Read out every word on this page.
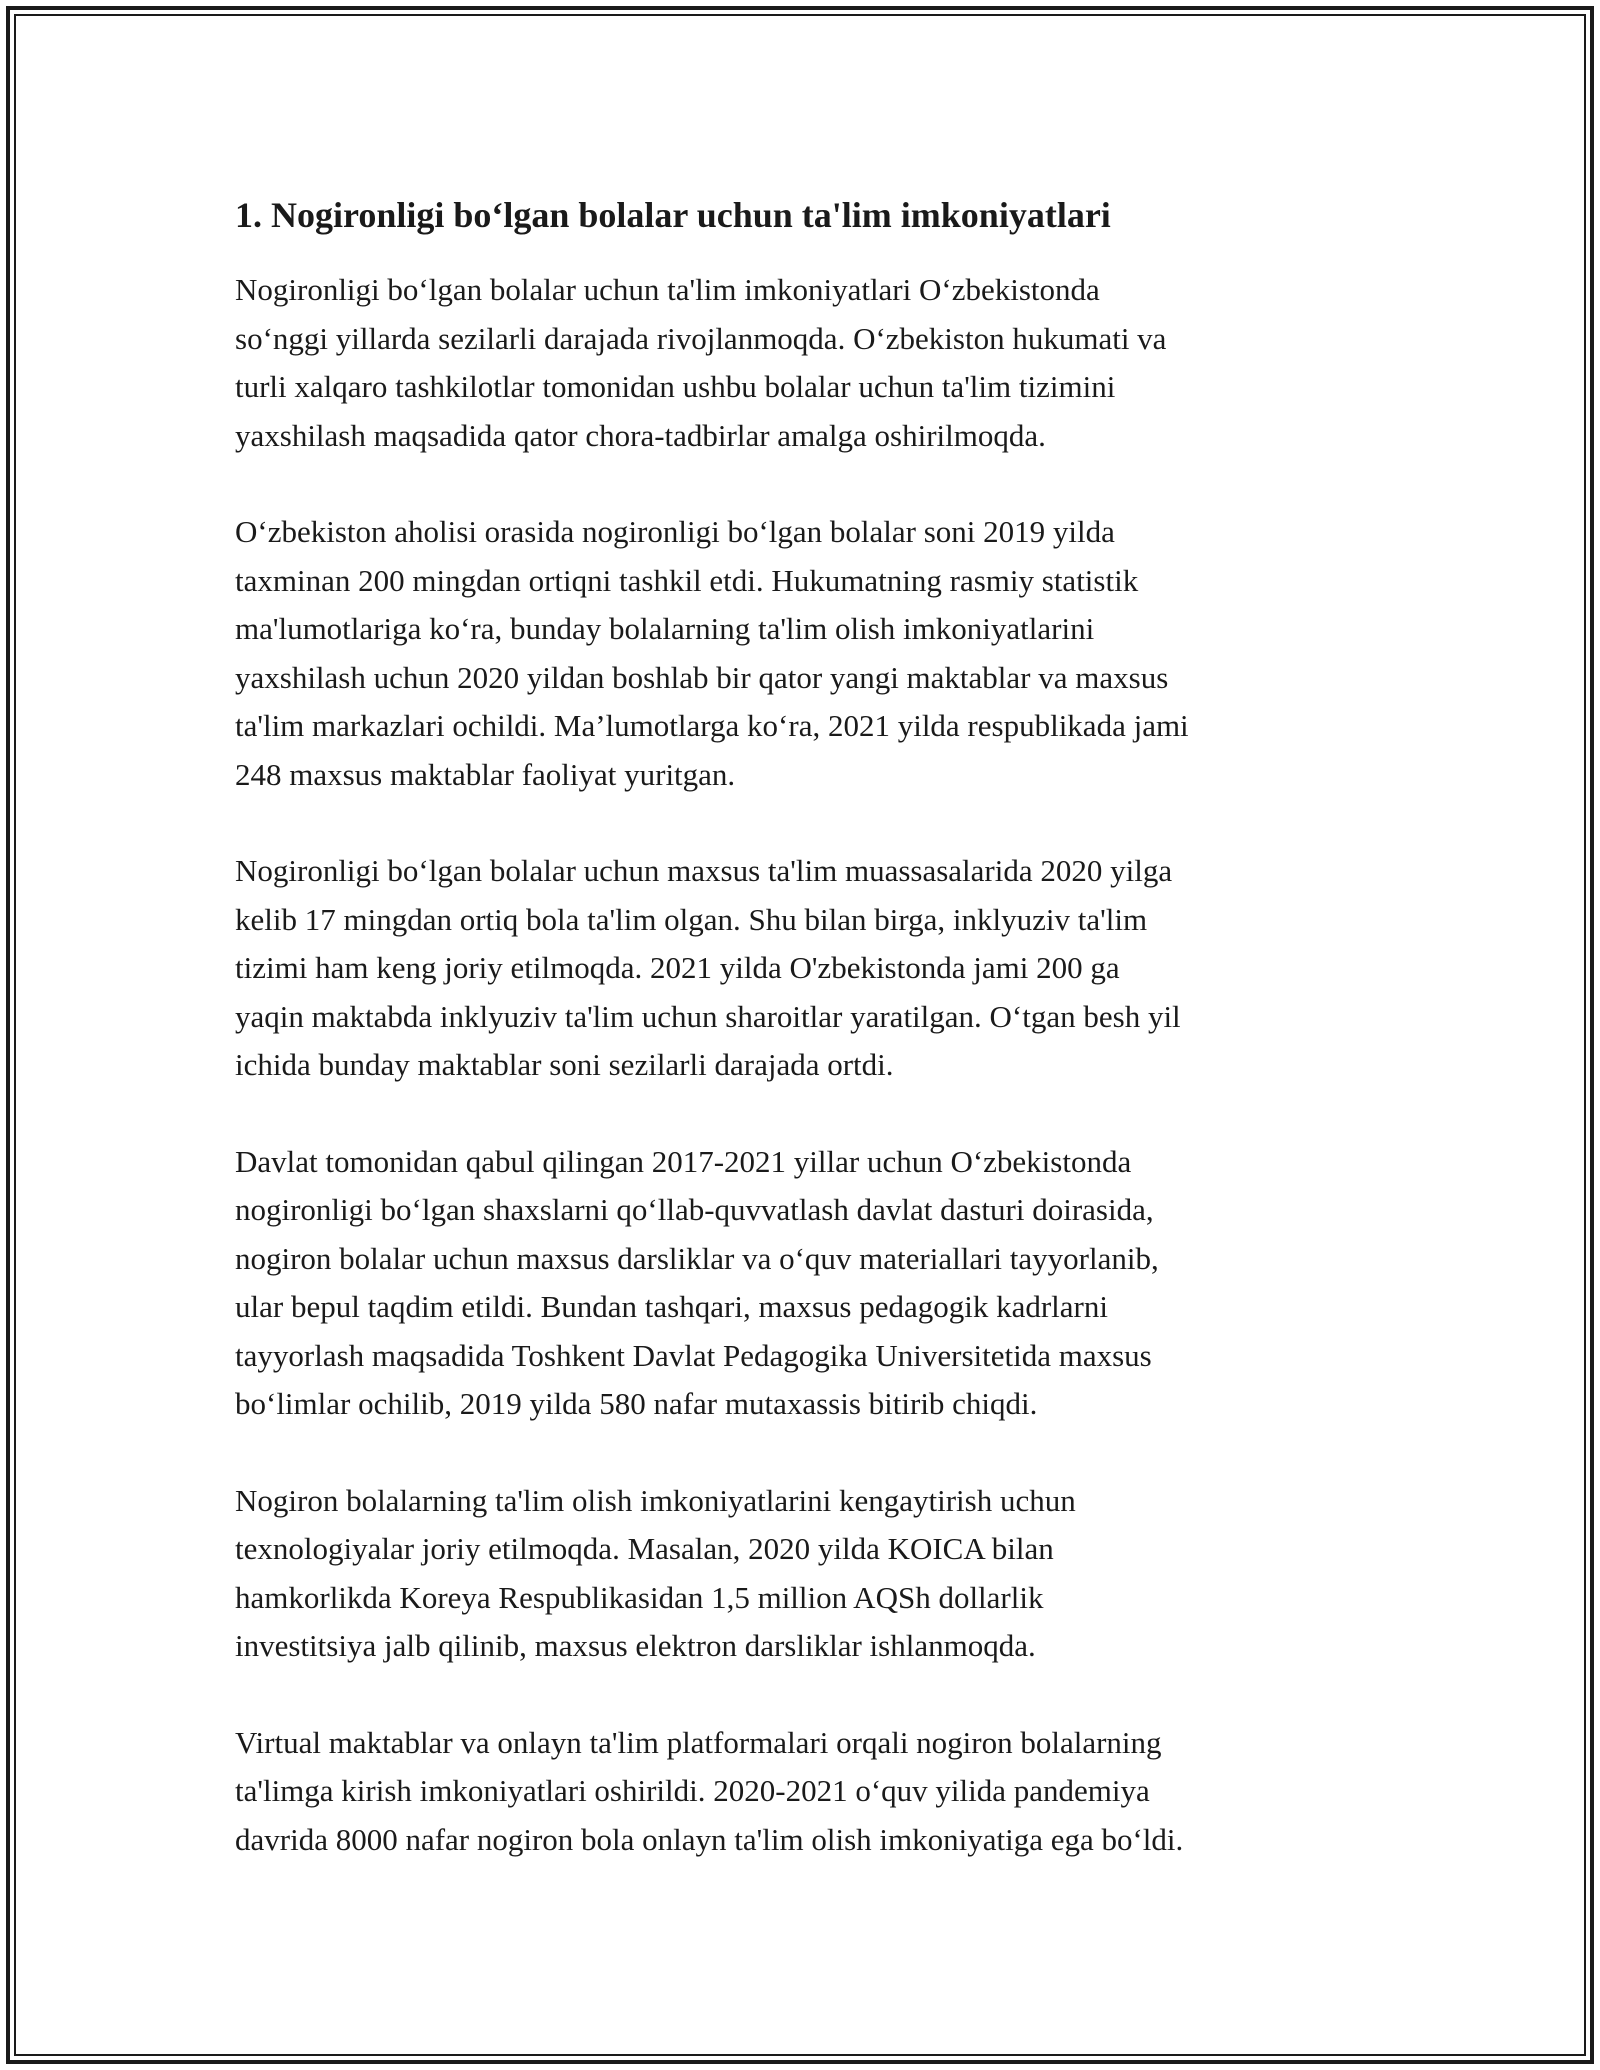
1. Nogironligi bo‘lgan bolalar uchun ta'lim imkoniyatlari

Nogironligi bo‘lgan bolalar uchun ta'lim imkoniyatlari O‘zbekistonda
so‘nggi yillarda sezilarli darajada rivojlanmoqda. O‘zbekiston hukumati va
turli xalqaro tashkilotlar tomonidan ushbu bolalar uchun ta'lim tizimini
yaxshilash maqsadida qator chora-tadbirlar amalga oshirilmoqda.

O‘zbekiston aholisi orasida nogironligi bo‘lgan bolalar soni 2019 yilda
taxminan 200 mingdan ortiqni tashkil etdi. Hukumatning rasmiy statistik
ma'lumotlariga ko‘ra, bunday bolalarning ta'lim olish imkoniyatlarini
yaxshilash uchun 2020 yildan boshlab bir qator yangi maktablar va maxsus
ta'lim markazlari ochildi. Ma’lumotlarga ko‘ra, 2021 yilda respublikada jami
248 maxsus maktablar faoliyat yuritgan.

Nogironligi bo‘lgan bolalar uchun maxsus ta'lim muassasalarida 2020 yilga
kelib 17 mingdan ortiq bola ta'lim olgan. Shu bilan birga, inklyuziv ta'lim
tizimi ham keng joriy etilmoqda. 2021 yilda O'zbekistonda jami 200 ga
yaqin maktabda inklyuziv ta'lim uchun sharoitlar yaratilgan. O‘tgan besh yil
ichida bunday maktablar soni sezilarli darajada ortdi.

Davlat tomonidan qabul qilingan 2017-2021 yillar uchun O‘zbekistonda
nogironligi bo‘lgan shaxslarni qo‘llab-quvvatlash davlat dasturi doirasida,
nogiron bolalar uchun maxsus darsliklar va o‘quv materiallari tayyorlanib,
ular bepul taqdim etildi. Bundan tashqari, maxsus pedagogik kadrlarni
tayyorlash maqsadida Toshkent Davlat Pedagogika Universitetida maxsus
bo‘limlar ochilib, 2019 yilda 580 nafar mutaxassis bitirib chiqdi.

Nogiron bolalarning ta'lim olish imkoniyatlarini kengaytirish uchun
texnologiyalar joriy etilmoqda. Masalan, 2020 yilda KOICA bilan
hamkorlikda Koreya Respublikasidan 1,5 million AQSh dollarlik
investitsiya jalb qilinib, maxsus elektron darsliklar ishlanmoqda.

Virtual maktablar va onlayn ta'lim platformalari orqali nogiron bolalarning
ta'limga kirish imkoniyatlari oshirildi. 2020-2021 o‘quv yilida pandemiya
davrida 8000 nafar nogiron bola onlayn ta'lim olish imkoniyatiga ega bo‘ldi.
